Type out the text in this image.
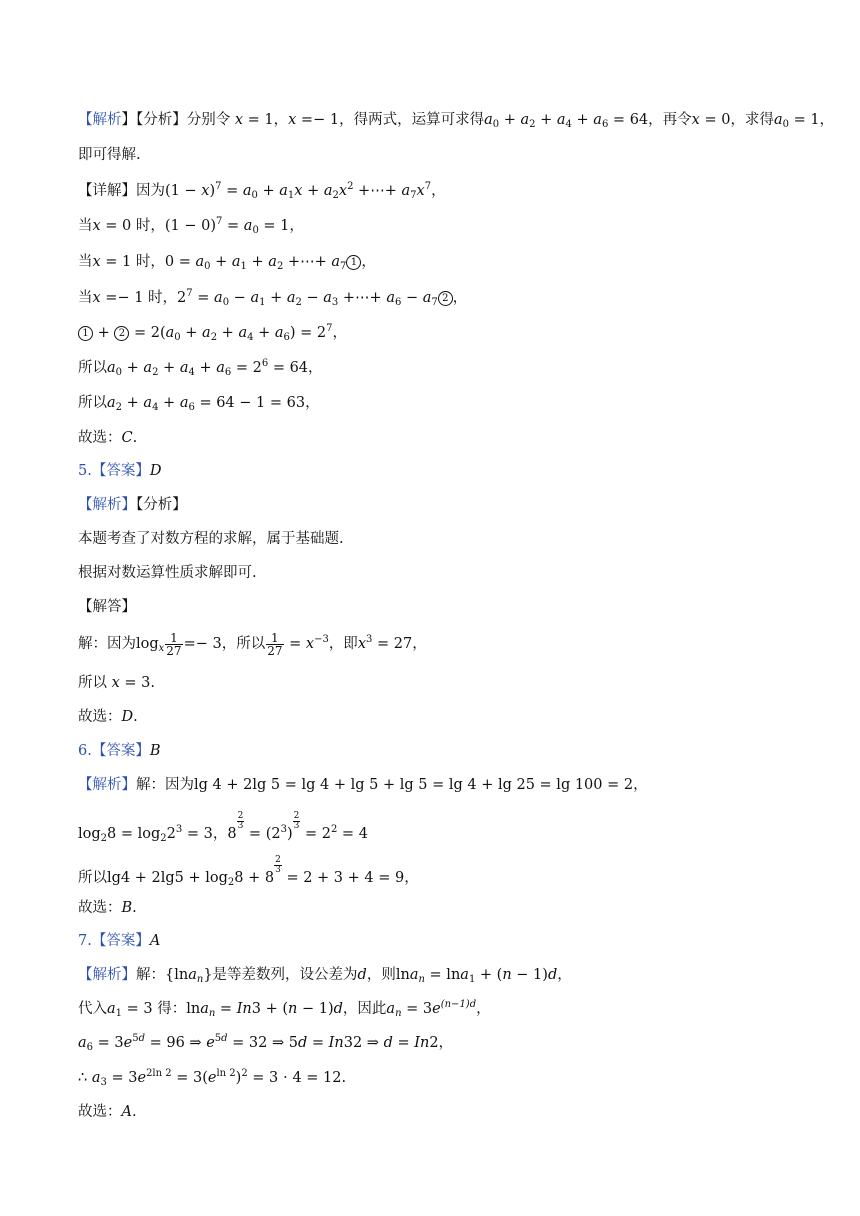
【解析】【分析】分别令 x = 1，x =− 1，得两式，运算可求得$a_0 + a_2 + a_4 + a_6 = 64$，再令x = 0，求得$a_0 = 1$，
即可得解.
【详解】因为$(1 - x)^7 = a_0 + a_1x + a_2x^2$ +⋯+ $a_7x^7$，
当x = 0 时，$(1 - 0)^7 = a_0 = 1$，
当x = 1 时，$0 = a_0 + a_1 + a_2$ +⋯+ $a_7$ 1 ，
当x =− 1 时，$2^7 = a_0 - a_1 + a_2 - a_3$ +⋯+ $a_6 - a_7$ 2 ，
$1 + 2 = 2(a_0 + a_2 + a_4 + a_6) = 2^7$，
所以$a_0 + a_2 + a_4 + a_6 = 2^6 = 64$，
所以$a_2 + a_4 + a_6 = 64 - 1 = 63$，
故选：C.
5.【答案】D
【解析】【分析】
本题考查了对数方程的求解，属于基础题.
根据对数运算性质求解即可.
【解答】
解：因为$\log_x \frac{1}{27} =- 3$，所以 $\frac{1}{27} = x^{-3}$，即$x^3 = 27$，
所以 x = 3.
故选：D.
6.【答案】B
【解析】解：因为lg 4 + 2lg 5 = lg 4 + lg 5 + lg 5 = lg 4 + lg 25 = lg 100 = 2，
$\log_28 = \log_22^3 = 3$，8
$\frac{2}{3}$
= $(2^3)$
$\frac{2}{3}$
= $2^2 = 4$
所以$\lg 4 + 2\lg 5 + \log_28 + 8$
$\frac{2}{3}$
= 2 + 3 + 4 = 9，
故选：B.
7.【答案】A
【解析】解：{lna$_n$}是等差数列，设公差为d，则lna$_n$ = lna$_1$ + (n − 1)d，
代入$a_1 = 3$ 得：lna$_n$ = In3 + (n − 1)d，因此$a_n = 3e^{(n-1)d}$，
$a_6 = 3e^{5d} = 96$ ⇒ $e^{5d} = 32$ ⇒ 5d = In32 ⇒ d = In2，
∴ $a_3 = 3e^{2ln 2} = 3(e^{ln 2})^2 = 3 \cdot 4 = 12$.
故选：A.
